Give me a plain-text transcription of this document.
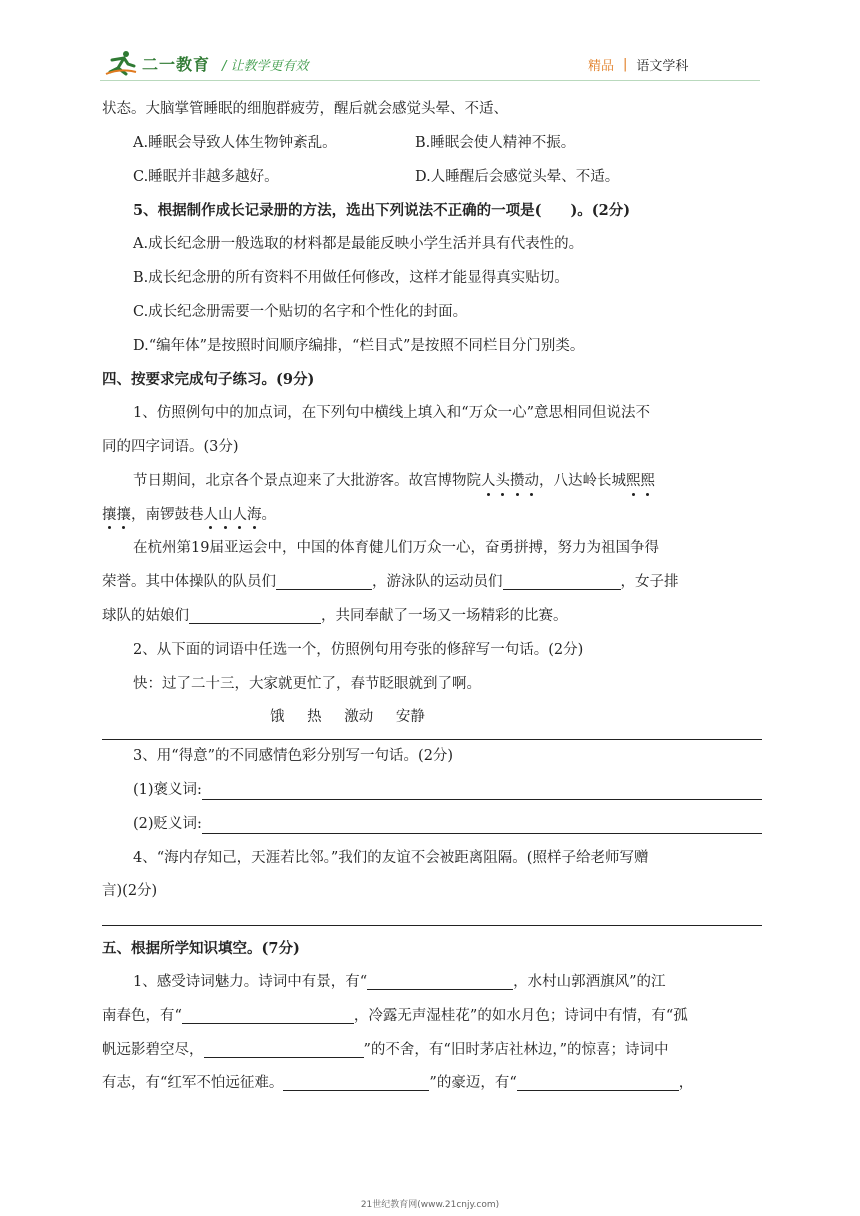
二一教育 / 让教学更有效	精品 | 语文学科
状态。大脑掌管睡眠的细胞群疲劳，醒后就会感觉头晕、不适、
A.睡眠会导致人体生物钟紊乱。	B.睡眠会使人精神不振。
C.睡眠并非越多越好。	D.人睡醒后会感觉头晕、不适。
5、根据制作成长记录册的方法，选出下列说法不正确的一项是(　　)。(2分)
A.成长纪念册一般选取的材料都是最能反映小学生活并具有代表性的。
B.成长纪念册的所有资料不用做任何修改，这样才能显得真实贴切。
C.成长纪念册需要一个贴切的名字和个性化的封面。
D.“编年体”是按照时间顺序编排，“栏目式”是按照不同栏目分门别类。
四、按要求完成句子练习。(9分)
1、仿照例句中的加点词，在下列句中横线上填入和“万众一心”意思相同但说法不
同的四字词语。(3分)
节日期间，北京各个景点迎来了大批游客。故宫博物院人头攒动，八达岭长城熙熙
攘攘，南锣鼓巷人山人海。
在杭州第19届亚运会中，中国的体育健儿们万众一心，奋勇拼搏，努力为祖国争得
荣誉。其中体操队的队员们	，游泳队的运动员们	，女子排
球队的姑娘们	，共同奉献了一场又一场精彩的比赛。
2、从下面的词语中任选一个，仿照例句用夸张的修辞写一句话。(2分)
快：过了二十三，大家就更忙了，春节眨眼就到了啊。
饿 热 激动 安静
3、用“得意”的不同感情色彩分别写一句话。(2分)
(1)褒义词:
(2)贬义词:
4、“海内存知己，天涯若比邻。”我们的友谊不会被距离阻隔。(照样子给老师写赠
言)(2分)
五、根据所学知识填空。(7分)
1、感受诗词魅力。诗词中有景，有“	，水村山郭酒旗风”的江
南春色，有“	，冷露无声湿桂花”的如水月色；诗词中有情，有“孤
帆远影碧空尽，	”的不舍，有“旧时茅店社林边，”的惊喜；诗词中
有志，有“红军不怕远征难。	”的豪迈，有“	，
21世纪教育网(www.21cnjy.com)
